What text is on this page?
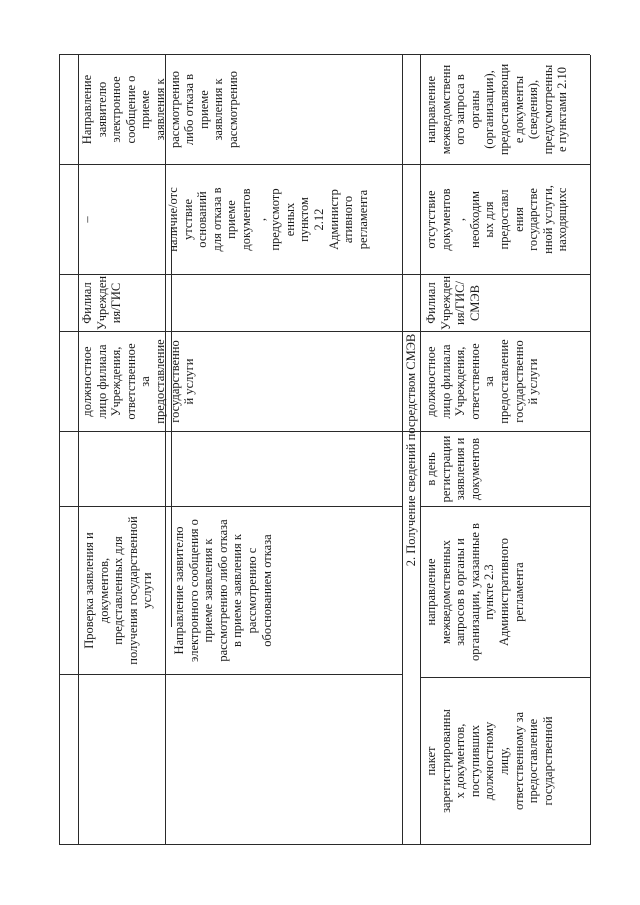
Проверка заявления и
документов,
представленных для
получения государственной
услуги
должностное
лицо филиала
Учреждения,
ответственное
за
предоставление
государственно
й услуги
Филиал
Учрежден
ия/ГИС
–
Направление
заявителю
электронное
сообщение о
приеме
заявления к
рассмотрению
либо отказа в
приеме
заявления к
рассмотрению
Направление заявителю
электронного сообщения о
приеме заявления к
рассмотрению либо отказа
в приеме заявления к
рассмотрению с
обоснованием отказа
наличие/отс
утствие
оснований
для отказа в
приеме
документов
,
предусмотр
енных
пунктом
2.12
Администр
ативного
регламента
2. Получение сведений посредством СМЭВ
пакет
зарегистрированны
х документов,
поступивших
должностному
лицу,
ответственному за
предоставление
государственной
направление
межведомственных
запросов в органы и
организации, указанные в
пункте 2.3
Административного
регламента
в день
регистрации
заявления и
документов
должностное
лицо филиала
Учреждения,
ответственное
за
предоставление
государственно
й услуги
Филиал
Учрежден
ия/ГИС/
СМЭВ
отсутствие
документов
,
необходим
ых для
предоставл
ения
государстве
нной услуги,
находящихс
направление
межведомственн
ого запроса в
органы
(организации),
предоставляющи
е документы
(сведения),
предусмотренны
е пунктами 2.10
